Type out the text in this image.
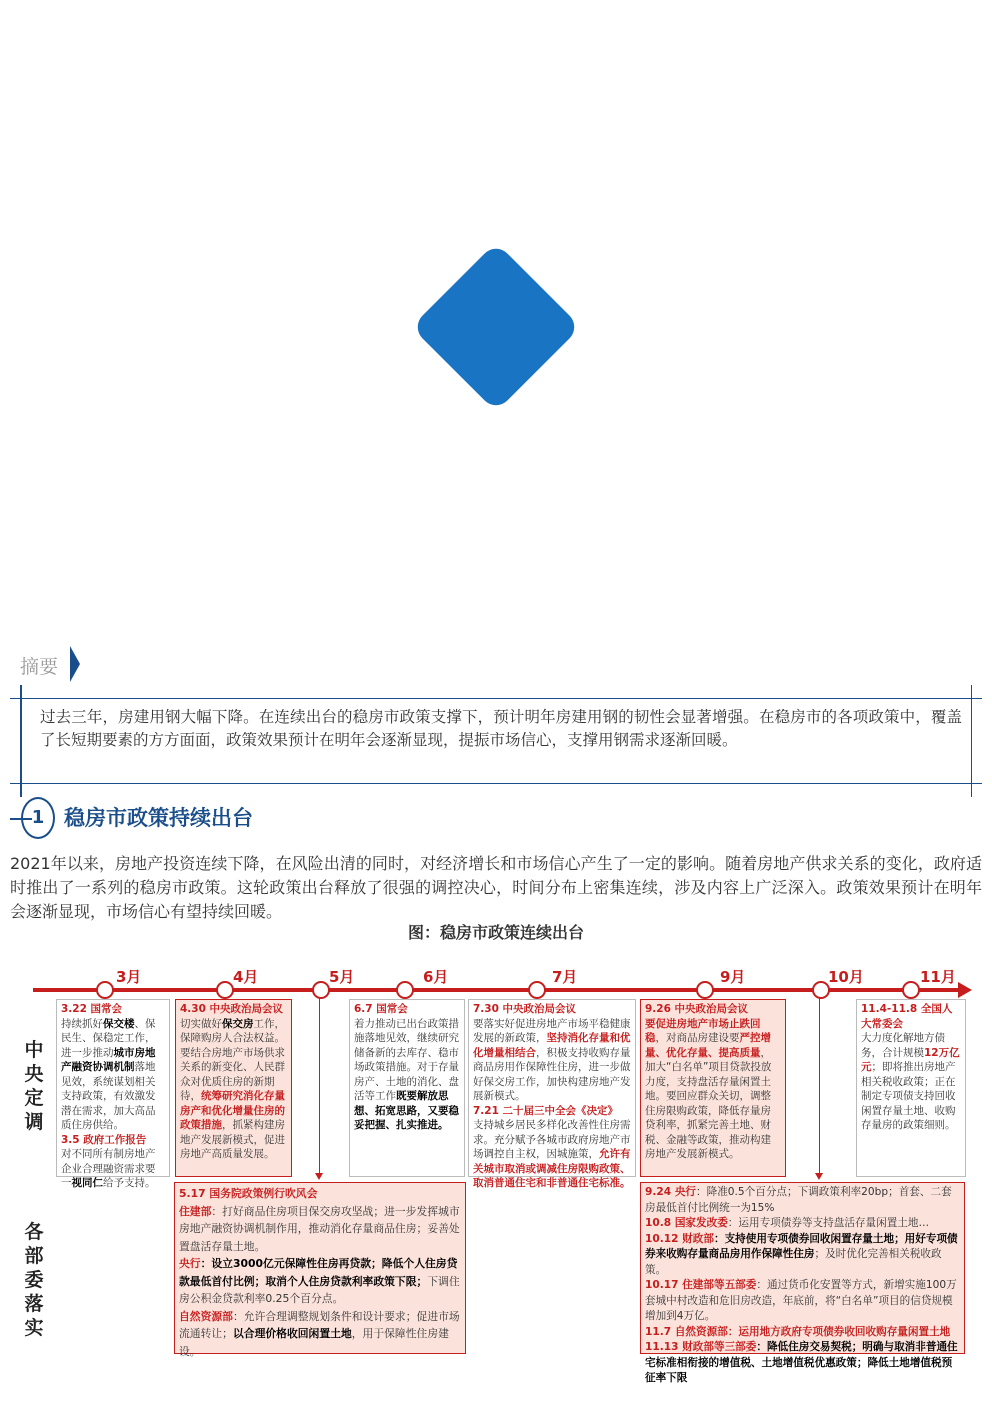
摘要
过去三年，房建用钢大幅下降。在连续出台的稳房市政策支撑下，预计明年房建用钢的韧性会显著增强。在稳房市的各项政策中，覆盖了长短期要素的方方面面，政策效果预计在明年会逐渐显现，提振市场信心，支撑用钢需求逐渐回暖。
1 稳房市政策持续出台
2021年以来，房地产投资连续下降，在风险出清的同时，对经济增长和市场信心产生了一定的影响。随着房地产供求关系的变化，政府适时推出了一系列的稳房市政策。这轮政策出台释放了很强的调控决心，时间分布上密集连续，涉及内容上广泛深入。政策效果预计在明年会逐渐显现，市场信心有望持续回暖。
图：稳房市政策连续出台
3月	4月	5月	6月	7月	9月	10月	11月
中央定调
各部委落实

3.22 国常会

持续抓好保交楼、保民生、保稳定工作，进一步推动城市房地产融资协调机制落地见效，系统谋划相关支持政策，有效激发潜在需求，加大高品质住房供给。

3.5 政府工作报告

对不同所有制房地产企业合理融资需求要一视同仁给予支持。

4.30 中央政治局会议

切实做好保交房工作，保障购房人合法权益。要结合房地产市场供求关系的新变化、人民群众对优质住房的新期待，统筹研究消化存量房产和优化增量住房的政策措施，抓紧构建房地产发展新模式，促进房地产高质量发展。

6.7 国常会

着力推动已出台政策措施落地见效，继续研究储备新的去库存、稳市场政策措施。对于存量房产、土地的消化、盘活等工作既要解放思想、拓宽思路，又要稳妥把握、扎实推进。

7.30 中央政治局会议

要落实好促进房地产市场平稳健康发展的新政策，坚持消化存量和优化增量相结合，积极支持收购存量商品房用作保障性住房，进一步做好保交房工作，加快构建房地产发展新模式。

7.21 二十届三中全会《决定》

支持城乡居民多样化改善性住房需求。充分赋予各城市政府房地产市场调控自主权，因城施策，允许有关城市取消或调减住房限购政策、取消普通住宅和非普通住宅标准。

9.26 中央政治局会议

要促进房地产市场止跌回稳，对商品房建设要严控增量、优化存量、提高质量，加大“白名单”项目贷款投放力度，支持盘活存量闲置土地。要回应群众关切，调整住房限购政策，降低存量房贷利率，抓紧完善土地、财税、金融等政策，推动构建房地产发展新模式。

11.4-11.8 全国人大常委会

大力度化解地方债务，合计规模12万亿元；即将推出房地产相关税收政策；正在制定专项债支持回收闲置存量土地、收购存量房的政策细则。

5.17 国务院政策例行吹风会

住建部：打好商品住房项目保交房攻坚战；进一步发挥城市房地产融资协调机制作用，推动消化存量商品住房；妥善处置盘活存量土地。

央行：设立3000亿元保障性住房再贷款；降低个人住房贷款最低首付比例；取消个人住房贷款利率政策下限；下调住房公积金贷款利率0.25个百分点。

自然资源部：允许合理调整规划条件和设计要求；促进市场流通转让；以合理价格收回闲置土地，用于保障性住房建设。

9.24 央行：降准0.5个百分点；下调政策利率20bp；首套、二套房最低首付比例统一为15%

10.8 国家发改委：运用专项债券等支持盘活存量闲置土地…

10.12 财政部：支持使用专项债券回收闲置存量土地；用好专项债券来收购存量商品房用作保障性住房；及时优化完善相关税收政策。

10.17 住建部等五部委：通过货币化安置等方式，新增实施100万套城中村改造和危旧房改造，年底前，将“白名单”项目的信贷规模增加到4万亿。

11.7 自然资源部：运用地方政府专项债券收回收购存量闲置土地

11.13 财政部等三部委：降低住房交易契税；明确与取消非普通住宅标准相衔接的增值税、土地增值税优惠政策；降低土地增值税预征率下限
